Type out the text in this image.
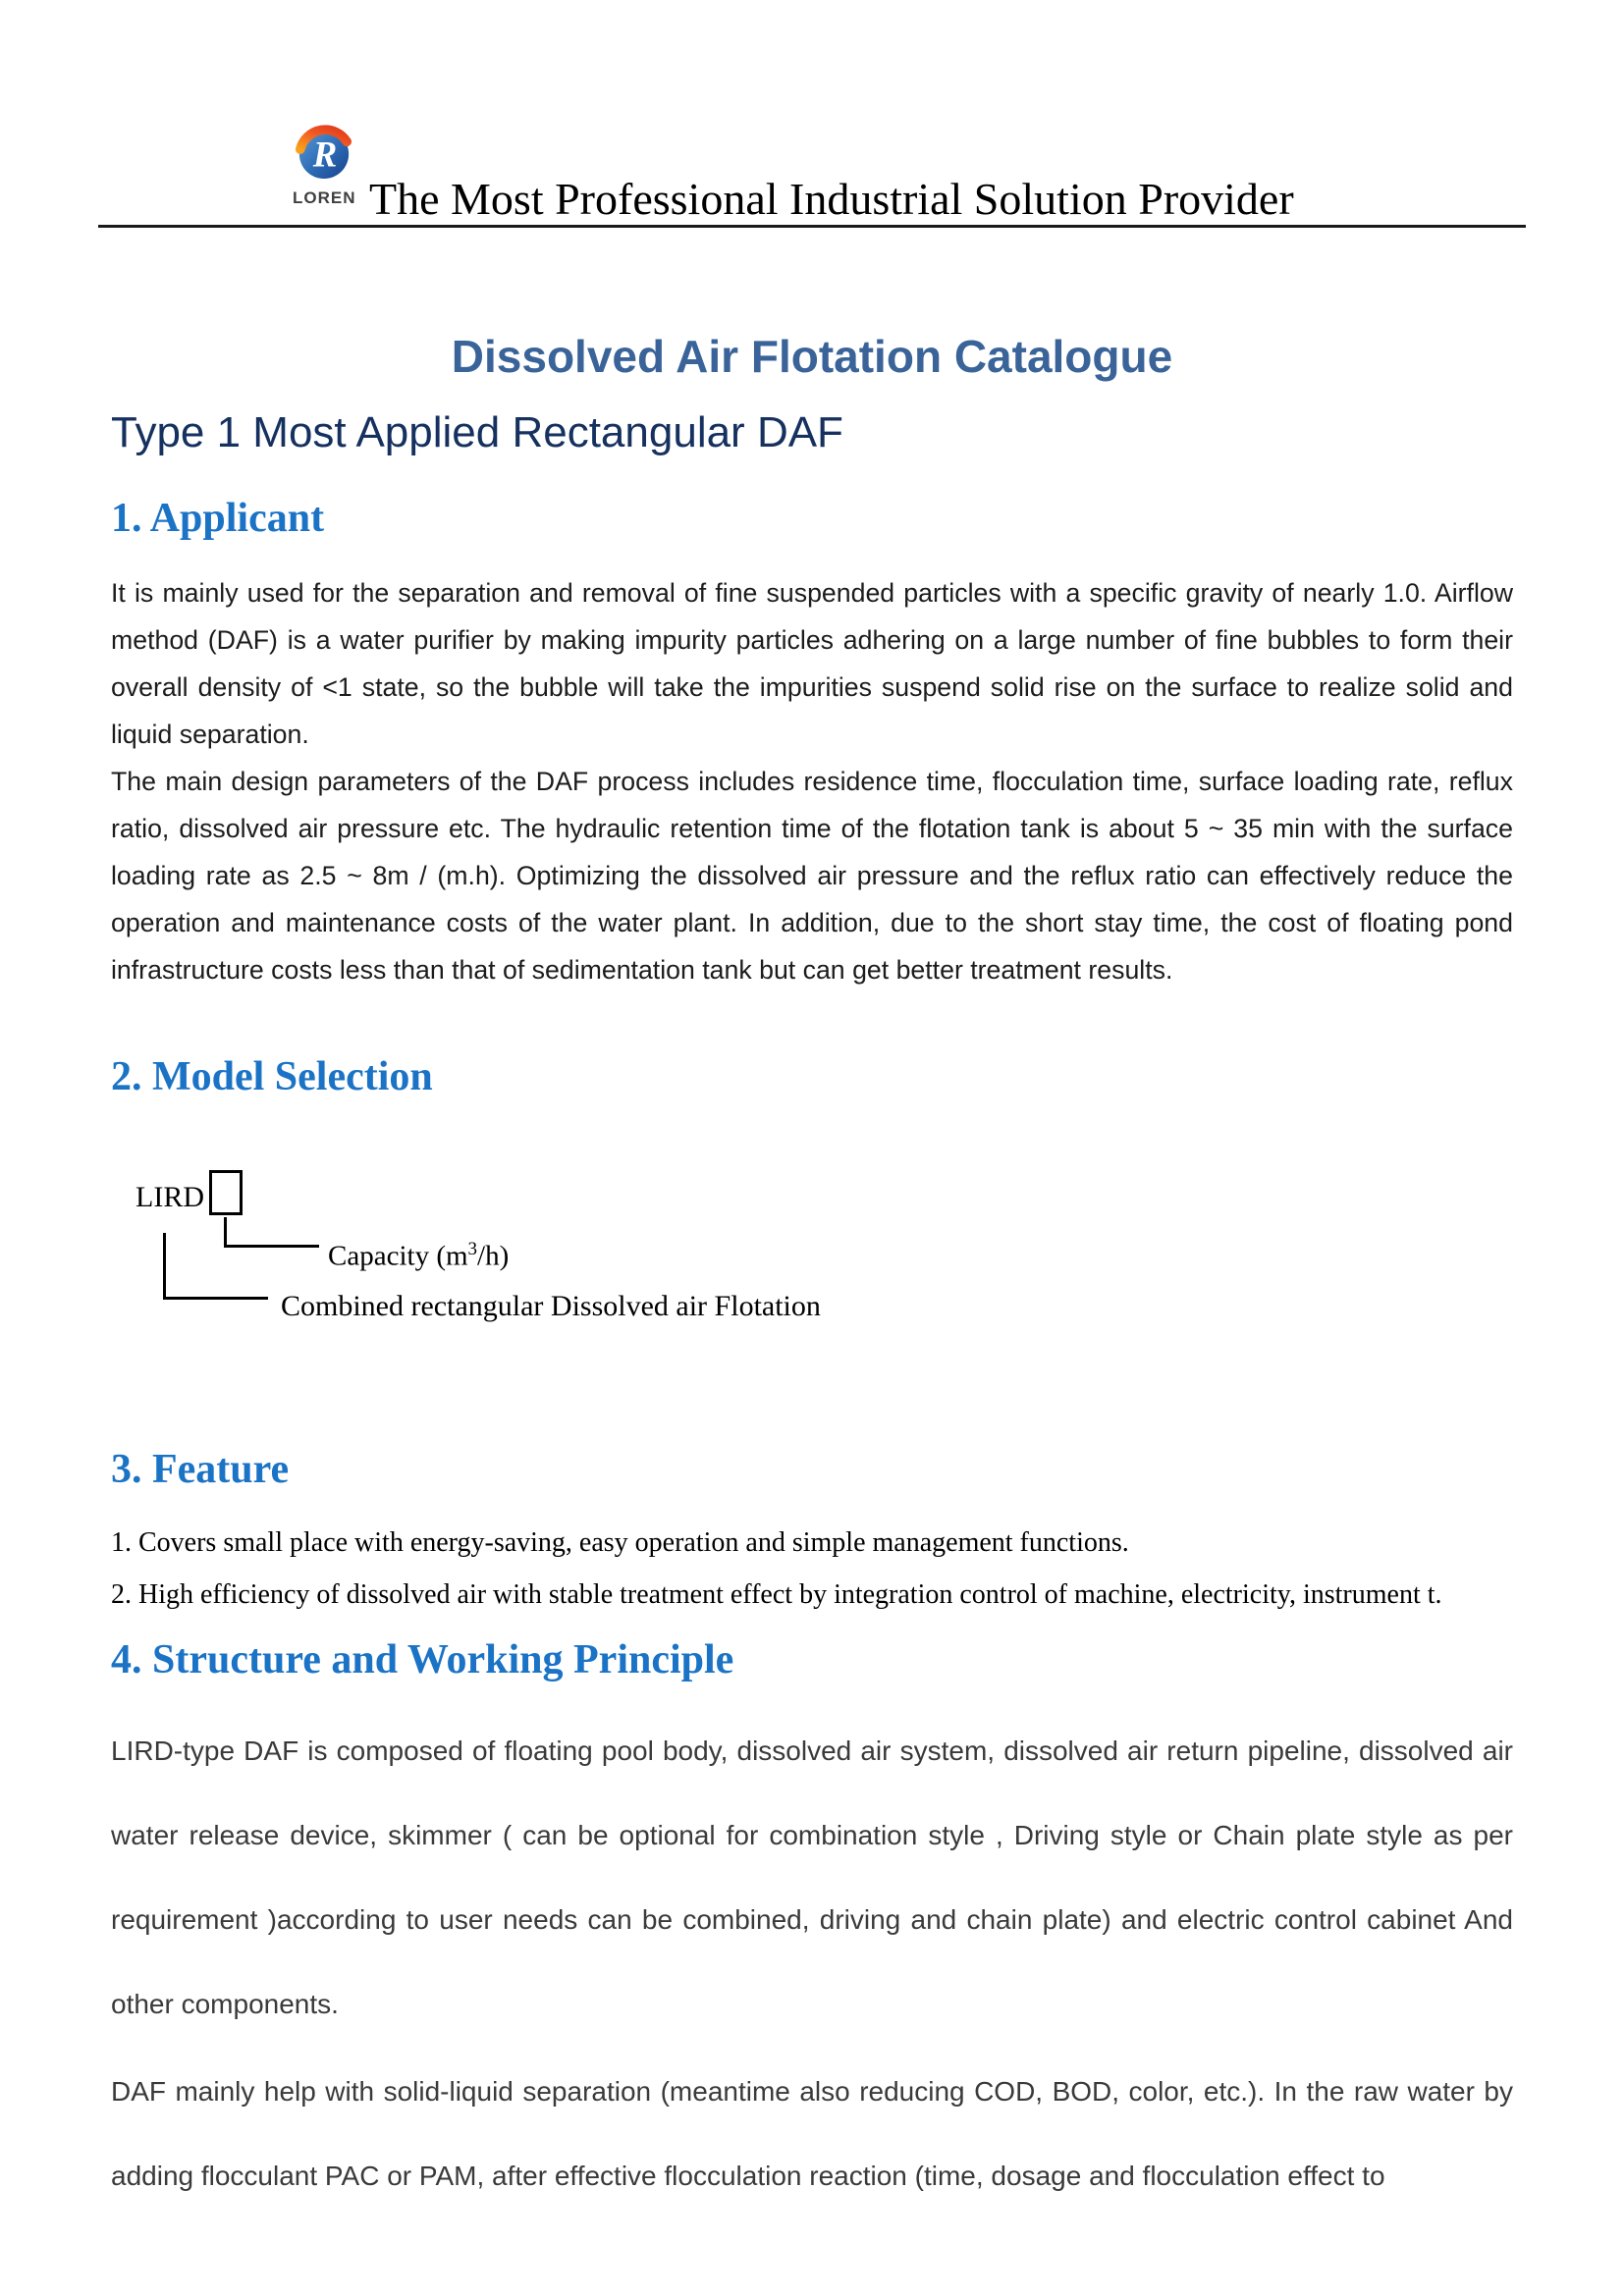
R
LOREN The Most Professional Industrial Solution Provider
Dissolved Air Flotation Catalogue
Type 1 Most Applied Rectangular DAF
1. Applicant

It is mainly used for the separation and removal of fine suspended particles with a specific gravity of nearly 1.0. Airflow method (DAF) is a water purifier by making impurity particles adhering on a large number of fine bubbles to form their overall density of <1 state, so the bubble will take the impurities suspend solid rise on the surface to realize solid and liquid separation.

The main design parameters of the DAF process includes residence time, flocculation time, surface loading rate, reflux ratio, dissolved air pressure etc. The hydraulic retention time of the flotation tank is about 5 ~ 35 min with the surface loading rate as 2.5 ~ 8m / (m.h). Optimizing the dissolved air pressure and the reflux ratio can effectively reduce the operation and maintenance costs of the water plant. In addition, due to the short stay time, the cost of floating pond infrastructure costs less than that of sedimentation tank but can get better treatment results.

2. Model Selection
LIRD
Capacity $(m^3/h)$
Combined rectangular Dissolved air Flotation
3. Feature
1. Covers small place with energy-saving, easy operation and simple management functions.
2. High efficiency of dissolved air with stable treatment effect by integration control of machine, electricity, instrument t.
4. Structure and Working Principle
LIRD-type DAF is composed of floating pool body, dissolved air system, dissolved air return pipeline, dissolved air water release device, skimmer ( can be optional for combination style , Driving style or Chain plate style as per requirement )according to user needs can be combined, driving and chain plate) and electric control cabinet And other components.
DAF mainly help with solid-liquid separation (meantime also reducing COD, BOD, color, etc.). In the raw water by adding flocculant PAC or PAM, after effective flocculation reaction (time, dosage and flocculation effect to
